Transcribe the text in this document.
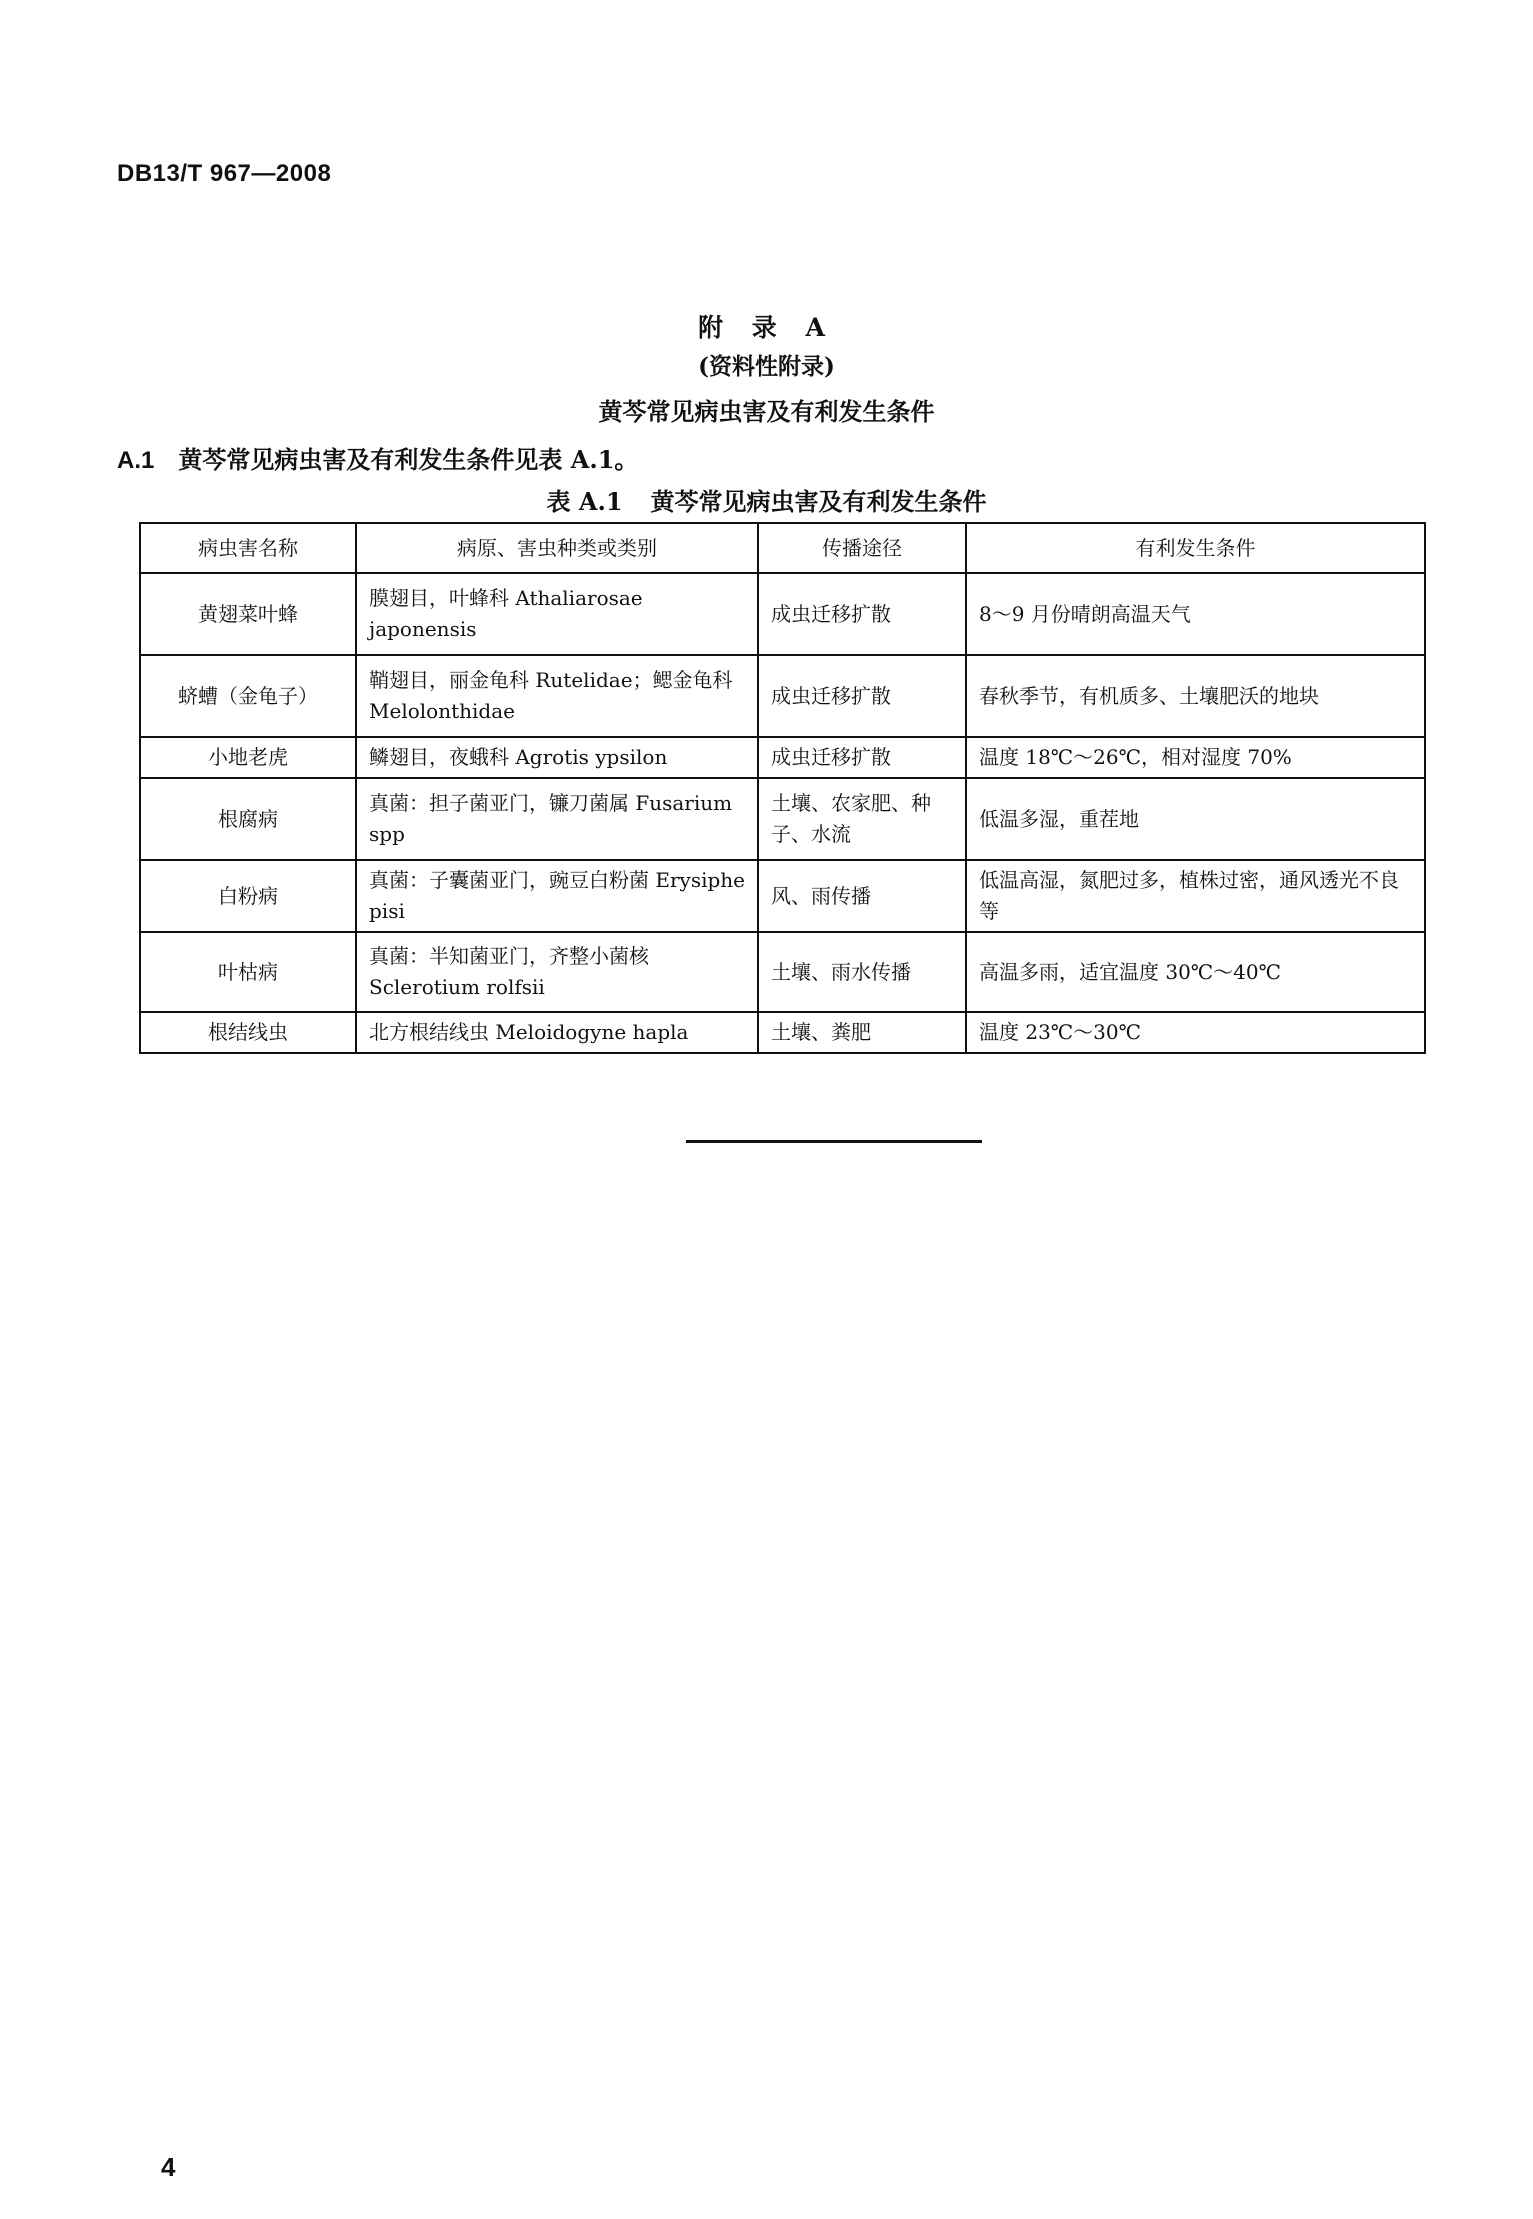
DB13/T 967—2008
附 录 A
(资料性附录)
黄芩常见病虫害及有利发生条件
A.1 黄芩常见病虫害及有利发生条件见表 A.1。
表 A.1 黄芩常见病虫害及有利发生条件
病虫害名称	病原、害虫种类或类别	传播途径	有利发生条件
黄翅菜叶蜂	膜翅目，叶蜂科 Athaliarosae japonensis	成虫迁移扩散	8～9 月份晴朗高温天气
蛴螬（金龟子）	鞘翅目，丽金龟科 Rutelidae；鳃金龟科 Melolonthidae	成虫迁移扩散	春秋季节，有机质多、土壤肥沃的地块
小地老虎	鳞翅目，夜蛾科 Agrotis ypsilon	成虫迁移扩散	温度 18℃～26℃，相对湿度 70%
根腐病	真菌：担子菌亚门，镰刀菌属 Fusarium spp	土壤、农家肥、种子、水流	低温多湿，重茬地
白粉病	真菌：子囊菌亚门，豌豆白粉菌 Erysiphe pisi	风、雨传播	低温高湿，氮肥过多，植株过密，通风透光不良等
叶枯病	真菌：半知菌亚门，齐整小菌核 Sclerotium rolfsii	土壤、雨水传播	高温多雨，适宜温度 30℃～40℃
根结线虫	北方根结线虫 Meloidogyne hapla	土壤、粪肥	温度 23℃～30℃
4
